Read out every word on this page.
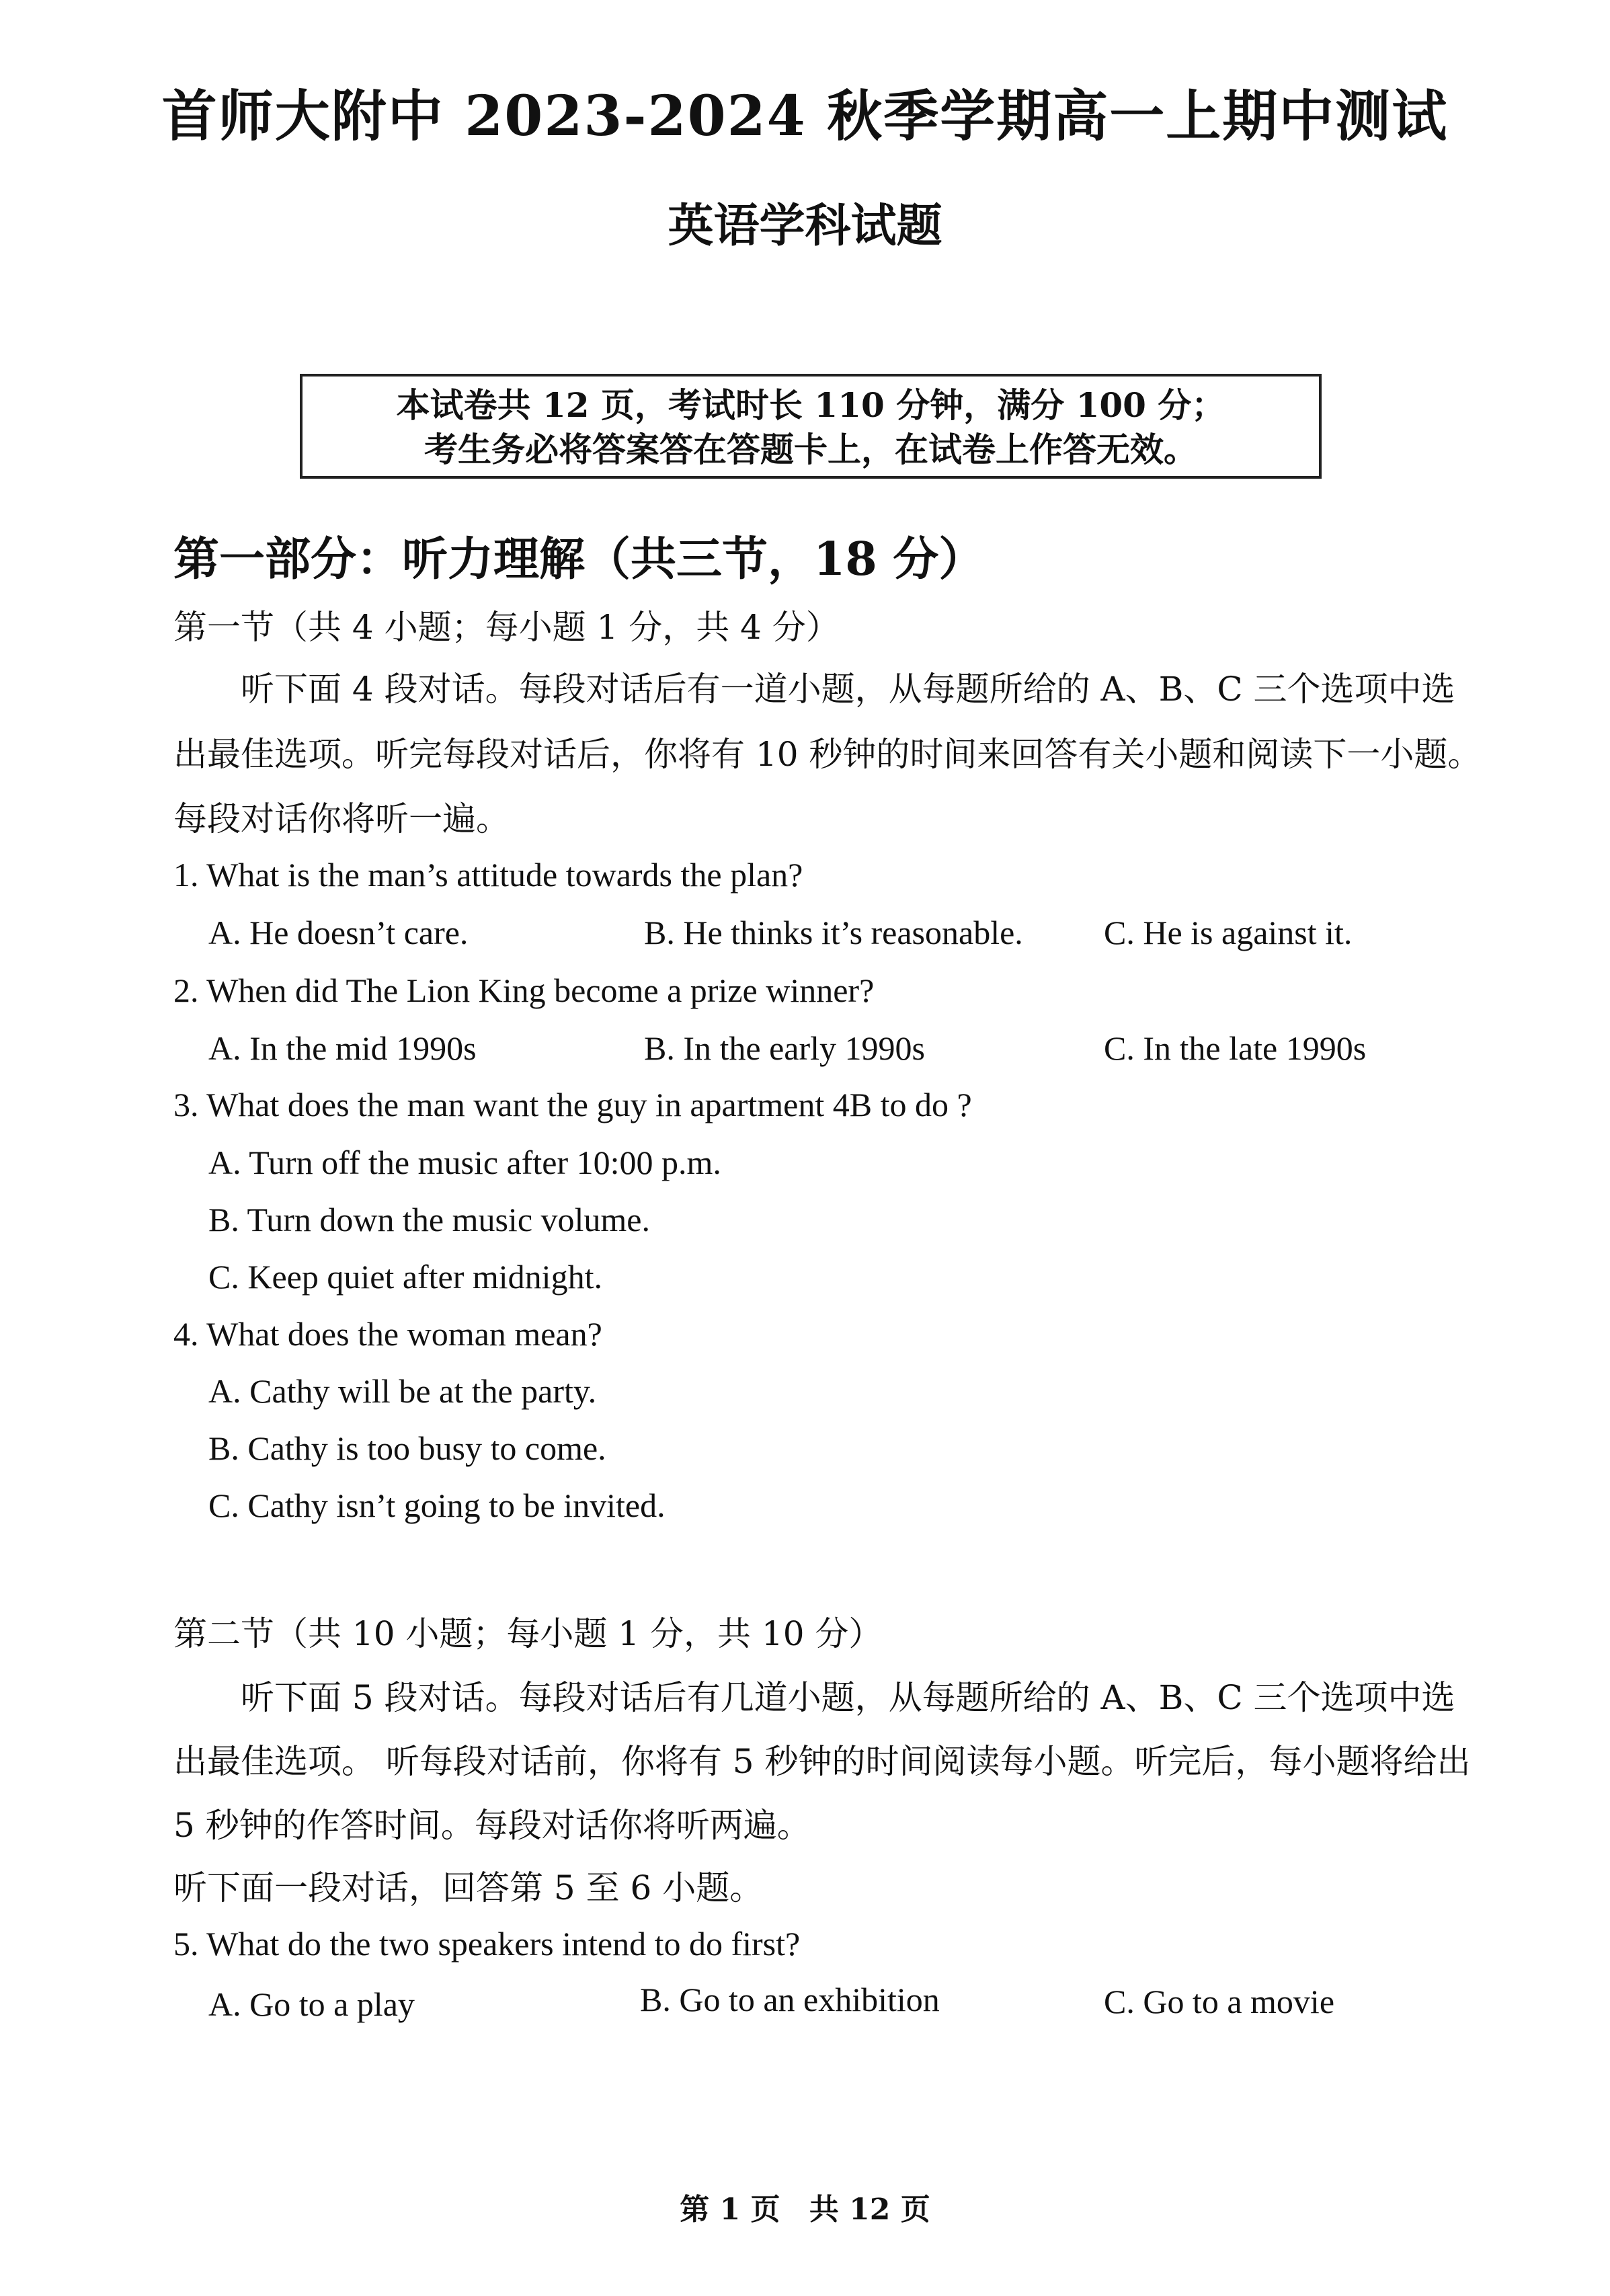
首师大附中 2023-2024 秋季学期高一上期中测试
英语学科试题
本试卷共 12 页，考试时长 110 分钟，满分 100 分；
考生务必将答案答在答题卡上，在试卷上作答无效。
第一部分：听力理解（共三节，18 分）
第一节（共 4 小题；每小题 1 分，共 4 分）
听下面 4 段对话。每段对话后有一道小题，从每题所给的 A、B、C 三个选项中选
出最佳选项。听完每段对话后，你将有 10 秒钟的时间来回答有关小题和阅读下一小题。
每段对话你将听一遍。
1. What is the man’s attitude towards the plan?
A. He doesn’t care.	B. He thinks it’s reasonable. C. He is against it.
2. When did The Lion King become a prize winner?
A. In the mid 1990s	B. In the early 1990s	C. In the late 1990s
3. What does the man want the guy in apartment 4B to do ?
A. Turn off the music after 10:00 p.m.
B. Turn down the music volume.
C. Keep quiet after midnight.
4. What does the woman mean?
A. Cathy will be at the party.
B. Cathy is too busy to come.
C. Cathy isn’t going to be invited.
第二节（共 10 小题；每小题 1 分，共 10 分）
听下面 5 段对话。每段对话后有几道小题，从每题所给的 A、B、C 三个选项中选
出最佳选项。 听每段对话前，你将有 5 秒钟的时间阅读每小题。听完后，每小题将给出
5 秒钟的作答时间。每段对话你将听两遍。
听下面一段对话，回答第 5 至 6 小题。
5. What do the two speakers intend to do first?
A. Go to a play	B. Go to an exhibition	C. Go to a movie
第 1 页 共 12 页
